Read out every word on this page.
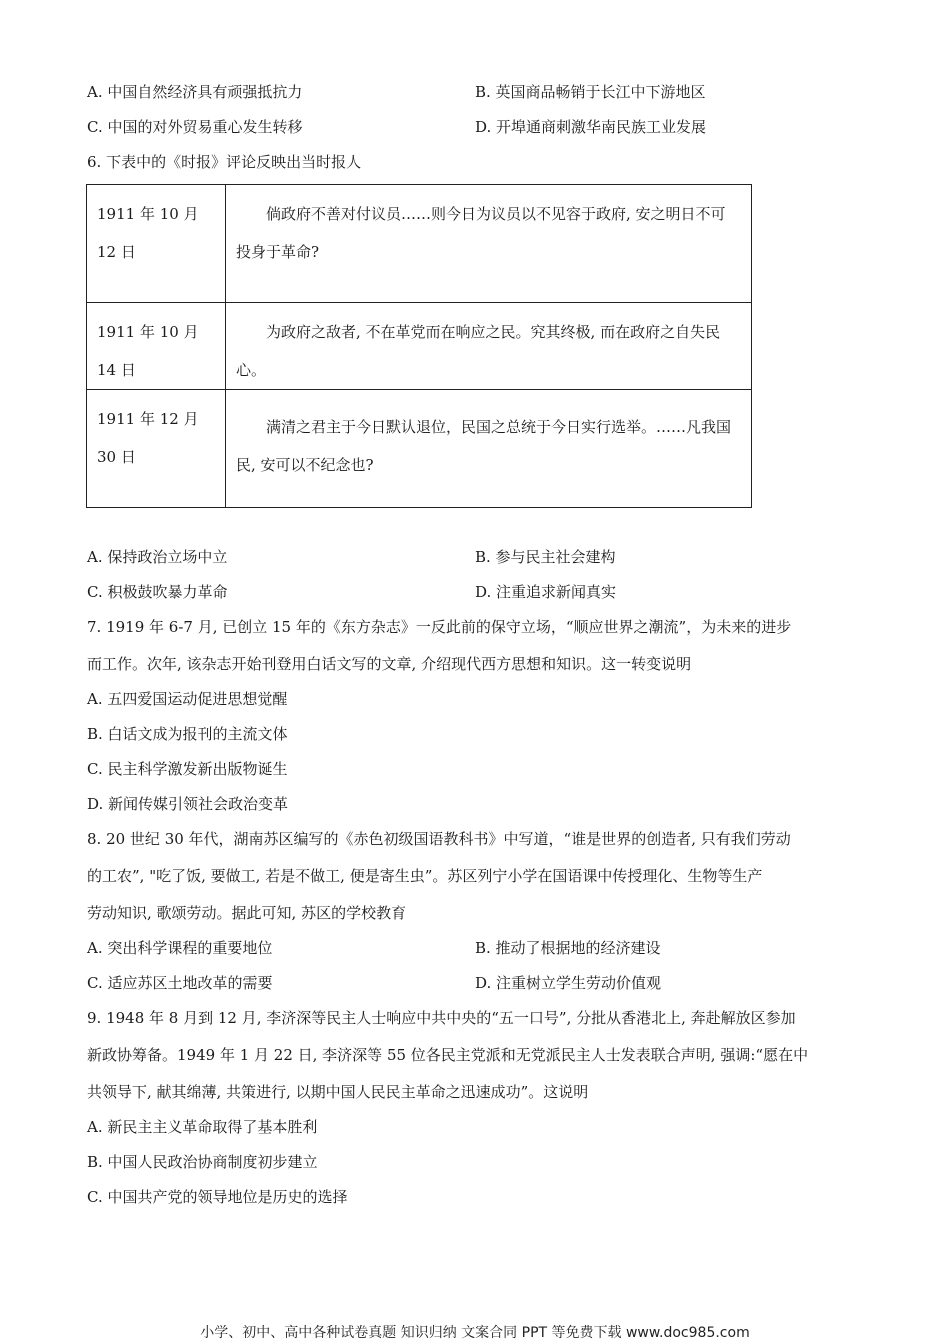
A. 中国自然经济具有顽强抵抗力	B. 英国商品畅销于长江中下游地区
C. 中国的对外贸易重心发生转移	D. 开埠通商刺激华南民族工业发展
6. 下表中的《时报》评论反映出当时报人
1911 年 10 月
12 日	倘政府不善对付议员……则今日为议员以不见容于政府, 安之明日不可投身于革命?

1911 年 10 月
14 日	为政府之敌者, 不在革党而在响应之民。究其终极, 而在政府之自失民心。

1911 年 12 月
30 日	满清之君主于今日默认退位，民国之总统于今日实行选举。……凡我国民, 安可以不纪念也?
A. 保持政治立场中立	B. 参与民主社会建构
C. 积极鼓吹暴力革命	D. 注重追求新闻真实
7. 1919 年 6-7 月, 已创立 15 年的《东方杂志》一反此前的保守立场，“顺应世界之潮流”，为未来的进步
而工作。次年, 该杂志开始刊登用白话文写的文章, 介绍现代西方思想和知识。这一转变说明
A. 五四爱国运动促进思想觉醒
B. 白话文成为报刊的主流文体
C. 民主科学激发新出版物诞生
D. 新闻传媒引领社会政治变革
8. 20 世纪 30 年代，湖南苏区编写的《赤色初级国语教科书》中写道，“谁是世界的创造者, 只有我们劳动
的工农”, "吃了饭, 要做工, 若是不做工, 便是寄生虫”。苏区列宁小学在国语课中传授理化、生物等生产
劳动知识, 歌颂劳动。据此可知, 苏区的学校教育
A. 突出科学课程的重要地位	B. 推动了根据地的经济建设
C. 适应苏区土地改革的需要	D. 注重树立学生劳动价值观
9. 1948 年 8 月到 12 月, 李济深等民主人士响应中共中央的“五一口号”, 分批从香港北上, 奔赴解放区参加
新政协筹备。1949 年 1 月 22 日, 李济深等 55 位各民主党派和无党派民主人士发表联合声明, 强调:“愿在中
共领导下, 献其绵薄, 共策进行, 以期中国人民民主革命之迅速成功”。这说明
A. 新民主主义革命取得了基本胜利
B. 中国人民政治协商制度初步建立
C. 中国共产党的领导地位是历史的选择
小学、初中、高中各种试卷真题 知识归纳 文案合同 PPT 等免费下载 www.doc985.com
